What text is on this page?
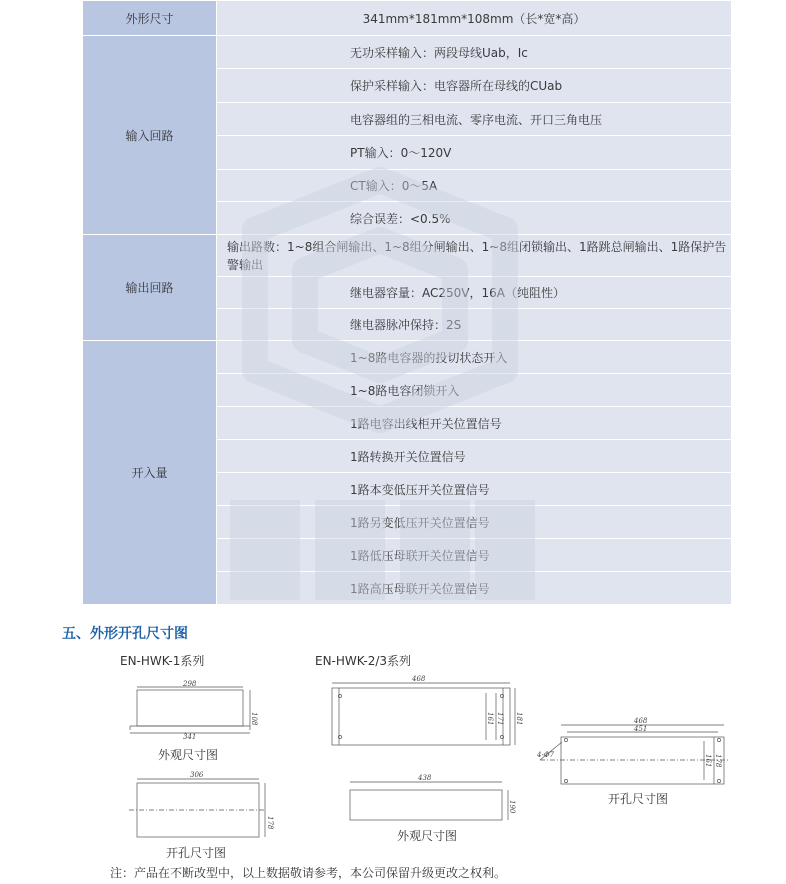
外形尺寸	341mm*181mm*108mm（长*宽*高）
输入回路	无功采样输入：两段母线Uab，Ic
	保护采样输入：电容器所在母线的CUab
	电容器组的三相电流、零序电流、开口三角电压
	PT输入：0～120V
	CT输入：0～5A
	综合误差：<0.5%
输出回路	输出路数：1~8组合闸输出、1~8组分闸输出、1~8组闭锁输出、1路跳总闸输出、1路保护告警输出
	继电器容量：AC250V，16A（纯阻性）
	继电器脉冲保持：2S
开入量	1~8路电容器的投切状态开入
	1~8路电容闭锁开入
	1路电容出线柜开关位置信号
	1路转换开关位置信号
	1路本变低压开关位置信号
	1路另变低压开关位置信号
	1路低压母联开关位置信号
	1路高压母联开关位置信号
五、外形开孔尺寸图
EN-HWK-1系列	EN-HWK-2/3系列
298
341
108
306
178
468
181
171
161
438
190
468
451
4-Φ7	161 178
外观尺寸图
开孔尺寸图
外观尺寸图
开孔尺寸图
注：产品在不断改型中，以上数据敬请参考，本公司保留升级更改之权利。
